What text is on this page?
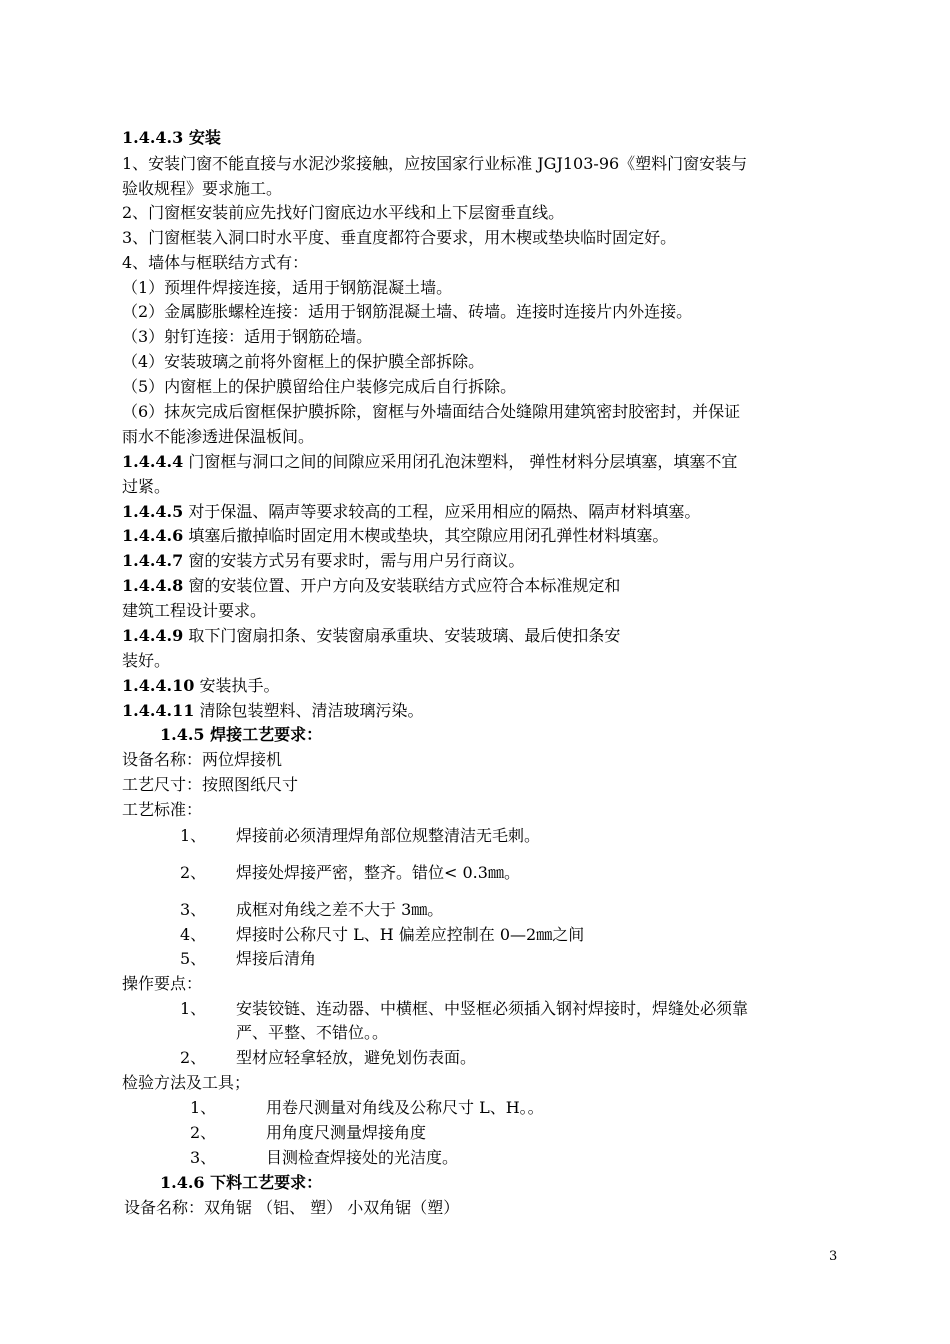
1.4.4.3 安装
1、安装门窗不能直接与水泥沙浆接触，应按国家行业标准 JGJ103-96《塑料门窗安装与
验收规程》要求施工。
2、门窗框安装前应先找好门窗底边水平线和上下层窗垂直线。
3、门窗框装入洞口时水平度、垂直度都符合要求，用木楔或垫块临时固定好。
4、墙体与框联结方式有：
（1）预埋件焊接连接，适用于钢筋混凝土墙。
（2）金属膨胀螺栓连接：适用于钢筋混凝土墙、砖墙。连接时连接片内外连接。
（3）射钉连接：适用于钢筋砼墙。
（4）安装玻璃之前将外窗框上的保护膜全部拆除。
（5）内窗框上的保护膜留给住户装修完成后自行拆除。
（6）抹灰完成后窗框保护膜拆除，窗框与外墙面结合处缝隙用建筑密封胶密封，并保证
雨水不能渗透进保温板间。
1.4.4.4 门窗框与洞口之间的间隙应采用闭孔泡沫塑料， 弹性材料分层填塞，填塞不宜
过紧。
1.4.4.5 对于保温、隔声等要求较高的工程，应采用相应的隔热、隔声材料填塞。
1.4.4.6 填塞后撤掉临时固定用木楔或垫块，其空隙应用闭孔弹性材料填塞。
1.4.4.7 窗的安装方式另有要求时，需与用户另行商议。
1.4.4.8 窗的安装位置、开户方向及安装联结方式应符合本标准规定和
建筑工程设计要求。
1.4.4.9 取下门窗扇扣条、安装窗扇承重块、安装玻璃、最后使扣条安
装好。
1.4.4.10 安装执手。
1.4.4.11 清除包装塑料、清洁玻璃污染。
1.4.5 焊接工艺要求：
设备名称：两位焊接机
工艺尺寸：按照图纸尺寸
工艺标准：
1、 焊接前必须清理焊角部位规整清洁无毛刺。
2、 焊接处焊接严密，整齐。错位< 0.3㎜。
3、 成框对角线之差不大于 3㎜。
4、 焊接时公称尺寸 L、H 偏差应控制在 0—2㎜之间
5、 焊接后清角
操作要点：
1、 安装铰链、连动器、中横框、中竖框必须插入钢衬焊接时，焊缝处必须靠
严、平整、不错位。。
2、 型材应轻拿轻放，避免划伤表面。
检验方法及工具；
1、	用卷尺测量对角线及公称尺寸 L、H。。
2、	用角度尺测量焊接角度
3、	目测检查焊接处的光洁度。
1.4.6 下料工艺要求：
设备名称：双角锯 （铝、 塑） 小双角锯（塑）
3
